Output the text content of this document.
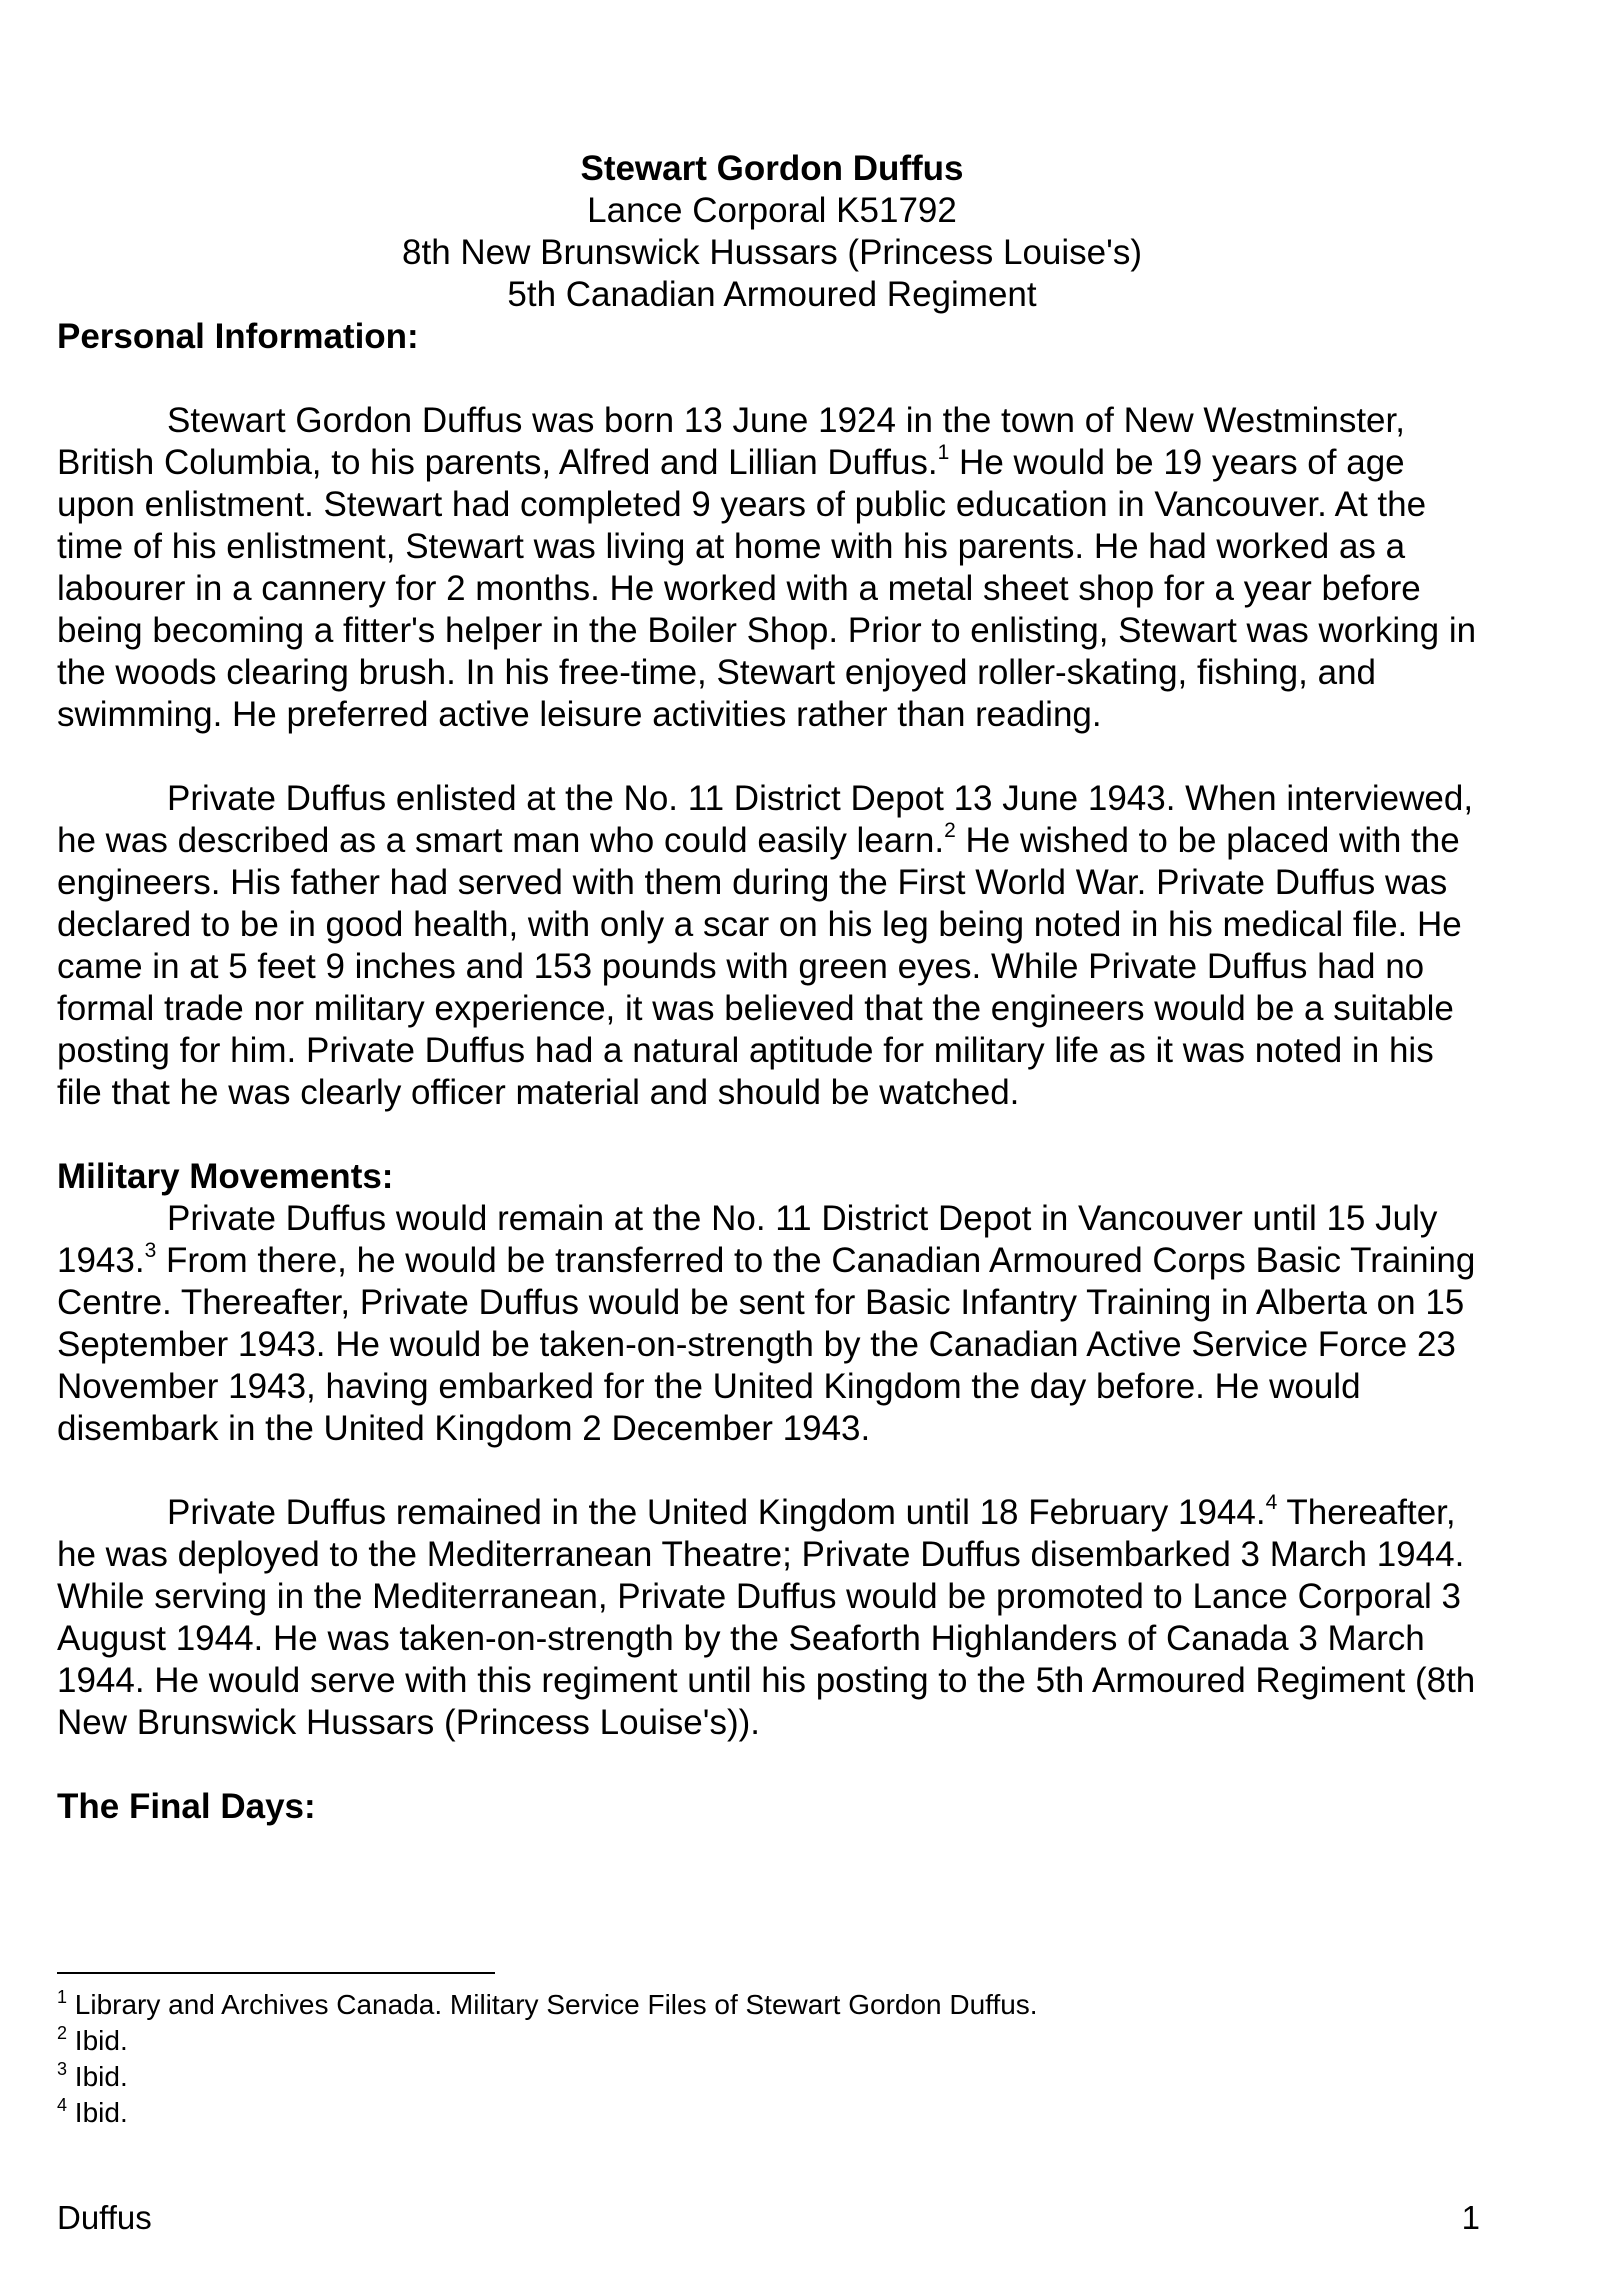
Stewart Gordon Duffus
Lance Corporal K51792
8th New Brunswick Hussars (Princess Louise's)
5th Canadian Armoured Regiment
Personal Information:

Stewart Gordon Duffus was born 13 June 1924 in the town of New Westminster, British Columbia, to his parents, Alfred and Lillian Duffus.$^1$ He would be 19 years of age upon enlistment. Stewart had completed 9 years of public education in Vancouver. At the time of his enlistment, Stewart was living at home with his parents. He had worked as a labourer in a cannery for 2 months. He worked with a metal sheet shop for a year before being becoming a fitter's helper in the Boiler Shop. Prior to enlisting, Stewart was working in the woods clearing brush. In his free-time, Stewart enjoyed roller-skating, fishing, and swimming. He preferred active leisure activities rather than reading.

Private Duffus enlisted at the No. 11 District Depot 13 June 1943. When interviewed, he was described as a smart man who could easily learn.$^2$ He wished to be placed with the engineers. His father had served with them during the First World War. Private Duffus was declared to be in good health, with only a scar on his leg being noted in his medical file. He came in at 5 feet 9 inches and 153 pounds with green eyes. While Private Duffus had no formal trade nor military experience, it was believed that the engineers would be a suitable posting for him. Private Duffus had a natural aptitude for military life as it was noted in his file that he was clearly officer material and should be watched.

Military Movements:

Private Duffus would remain at the No. 11 District Depot in Vancouver until 15 July 1943.$^3$ From there, he would be transferred to the Canadian Armoured Corps Basic Training Centre. Thereafter, Private Duffus would be sent for Basic Infantry Training in Alberta on 15 September 1943. He would be taken-on-strength by the Canadian Active Service Force 23 November 1943, having embarked for the United Kingdom the day before. He would disembark in the United Kingdom 2 December 1943.

Private Duffus remained in the United Kingdom until 18 February 1944.$^4$ Thereafter, he was deployed to the Mediterranean Theatre; Private Duffus disembarked 3 March 1944. While serving in the Mediterranean, Private Duffus would be promoted to Lance Corporal 3 August 1944. He was taken-on-strength by the Seaforth Highlanders of Canada 3 March 1944. He would serve with this regiment until his posting to the 5th Armoured Regiment (8th New Brunswick Hussars (Princess Louise's)).

The Final Days:
$^1$ Library and Archives Canada. Military Service Files of Stewart Gordon Duffus.
$^2$ Ibid.
$^3$ Ibid.
$^4$ Ibid.
Duffus	1
